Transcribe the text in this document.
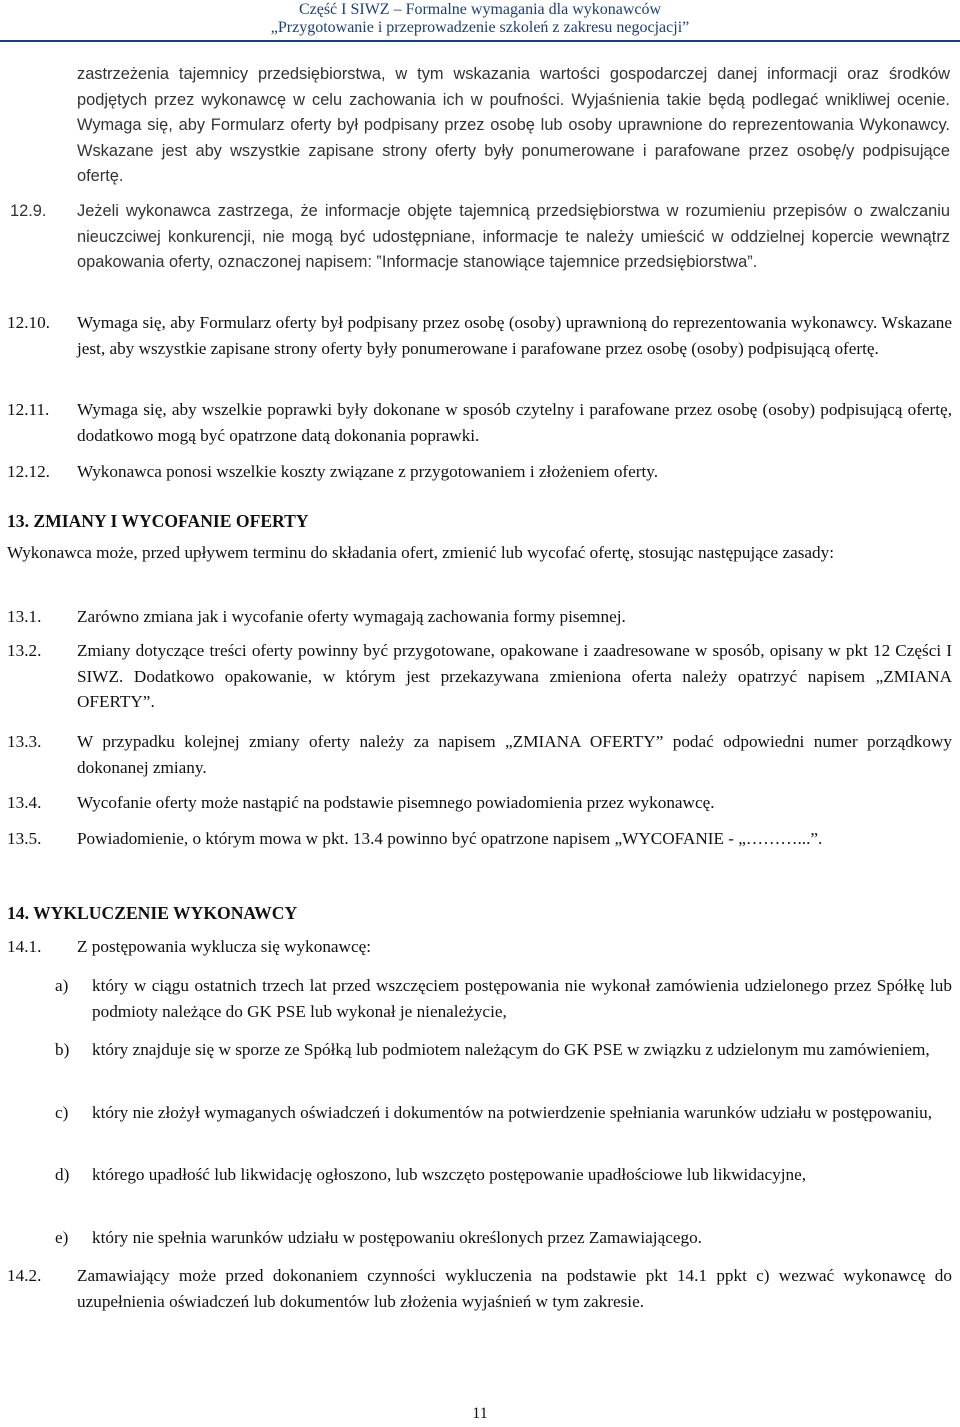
Część I SIWZ – Formalne wymagania dla wykonawców
„Przygotowanie i przeprowadzenie szkoleń z zakresu negocjacji”

zastrzeżenia tajemnicy przedsiębiorstwa, w tym wskazania wartości gospodarczej danej informacji oraz środków podjętych przez wykonawcę w celu zachowania ich w poufności. Wyjaśnienia takie będą podlegać wnikliwej ocenie. Wymaga się, aby Formularz oferty był podpisany przez osobę lub osoby uprawnione do reprezentowania Wykonawcy. Wskazane jest aby wszystkie zapisane strony oferty były ponumerowane i parafowane przez osobę/y podpisujące ofertę.

12.9. Jeżeli wykonawca zastrzega, że informacje objęte tajemnicą przedsiębiorstwa w rozumieniu przepisów o zwalczaniu nieuczciwej konkurencji, nie mogą być udostępniane, informacje te należy umieścić w oddzielnej kopercie wewnątrz opakowania oferty, oznaczonej napisem: ‟Informacje stanowiące tajemnice przedsiębiorstwa”.

12.10. Wymaga się, aby Formularz oferty był podpisany przez osobę (osoby) uprawnioną do reprezentowania wykonawcy. Wskazane jest, aby wszystkie zapisane strony oferty były ponumerowane i parafowane przez osobę (osoby) podpisującą ofertę.

12.11. Wymaga się, aby wszelkie poprawki były dokonane w sposób czytelny i parafowane przez osobę (osoby) podpisującą ofertę, dodatkowo mogą być opatrzone datą dokonania poprawki.

12.12. Wykonawca ponosi wszelkie koszty związane z przygotowaniem i złożeniem oferty.

13. ZMIANY I WYCOFANIE OFERTY

Wykonawca może, przed upływem terminu do składania ofert, zmienić lub wycofać ofertę, stosując następujące zasady:

13.1. Zarówno zmiana jak i wycofanie oferty wymagają zachowania formy pisemnej.

13.2. Zmiany dotyczące treści oferty powinny być przygotowane, opakowane i zaadresowane w sposób, opisany w pkt 12 Części I SIWZ. Dodatkowo opakowanie, w którym jest przekazywana zmieniona oferta należy opatrzyć napisem „ZMIANA OFERTY”.

13.3. W przypadku kolejnej zmiany oferty należy za napisem „ZMIANA OFERTY” podać odpowiedni numer porządkowy dokonanej zmiany.

13.4. Wycofanie oferty może nastąpić na podstawie pisemnego powiadomienia przez wykonawcę.

13.5. Powiadomienie, o którym mowa w pkt. 13.4 powinno być opatrzone napisem „WYCOFANIE - „………...”.

14. WYKLUCZENIE WYKONAWCY
14.1. Z postępowania wyklucza się wykonawcę:

a) który w ciągu ostatnich trzech lat przed wszczęciem postępowania nie wykonał zamówienia udzielonego przez Spółkę lub podmioty należące do GK PSE lub wykonał je nienależycie,

b) który znajduje się w sporze ze Spółką lub podmiotem należącym do GK PSE w związku z udzielonym mu zamówieniem,

c) który nie złożył wymaganych oświadczeń i dokumentów na potwierdzenie spełniania warunków udziału w postępowaniu,

d) którego upadłość lub likwidację ogłoszono, lub wszczęto postępowanie upadłościowe lub likwidacyjne,

e) który nie spełnia warunków udziału w postępowaniu określonych przez Zamawiającego.

14.2. Zamawiający może przed dokonaniem czynności wykluczenia na podstawie pkt 14.1 ppkt c) wezwać wykonawcę do uzupełnienia oświadczeń lub dokumentów lub złożenia wyjaśnień w tym zakresie.

11
